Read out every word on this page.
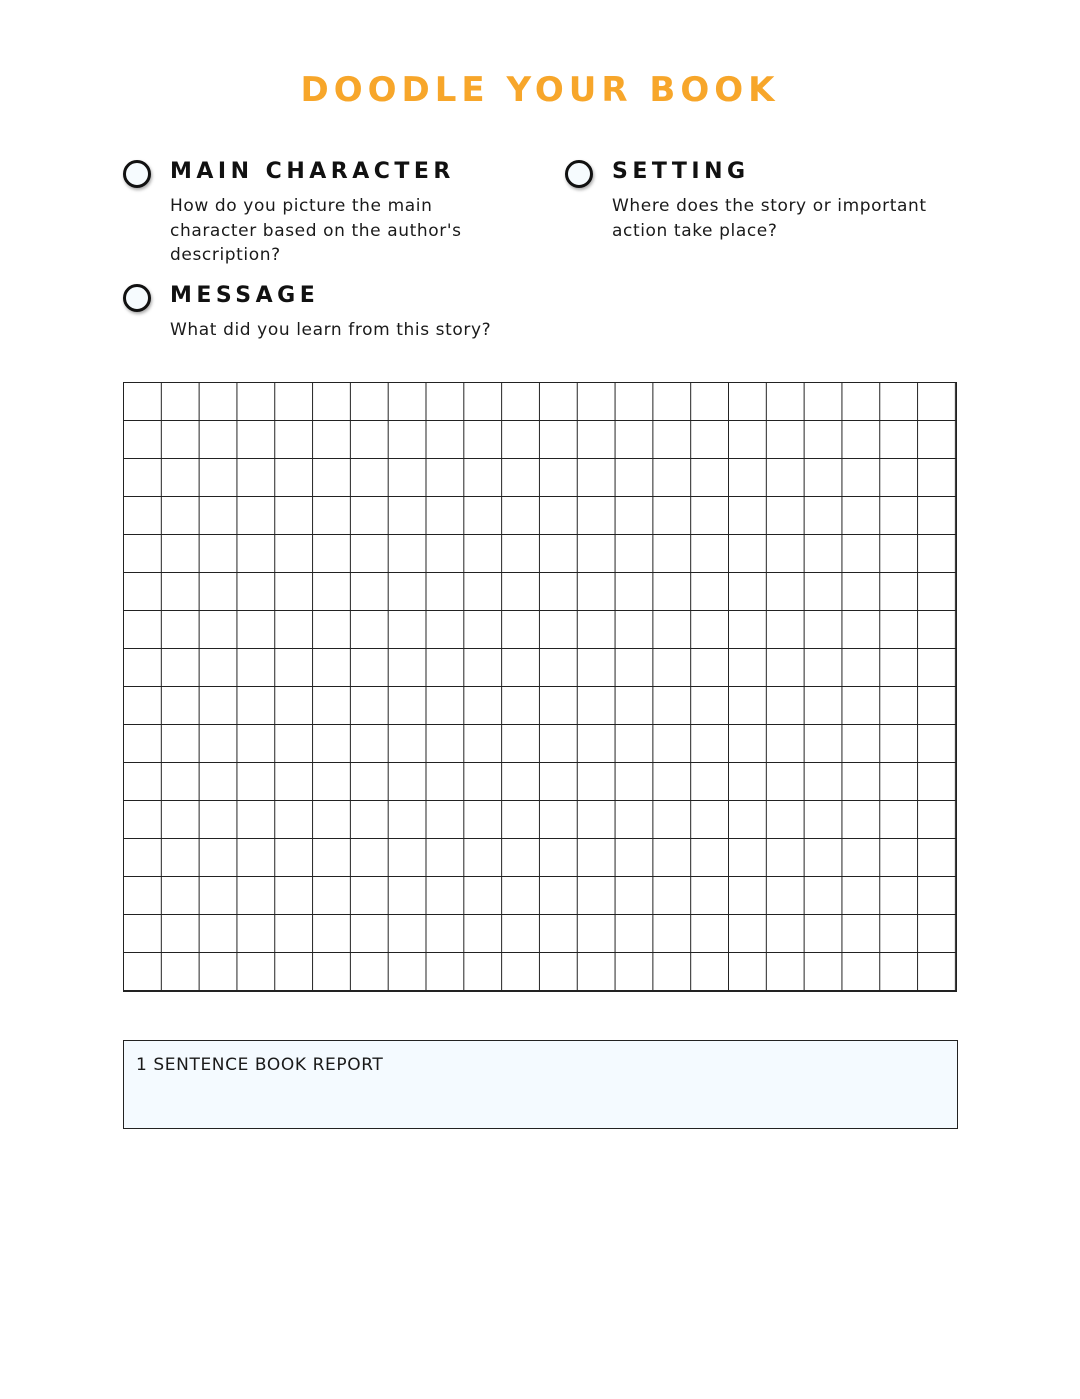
DOODLE YOUR BOOK
MAIN CHARACTER
How do you picture the main character based on the author's description?
SETTING
Where does the story or important action take place?
MESSAGE
What did you learn from this story?
1 SENTENCE BOOK REPORT
